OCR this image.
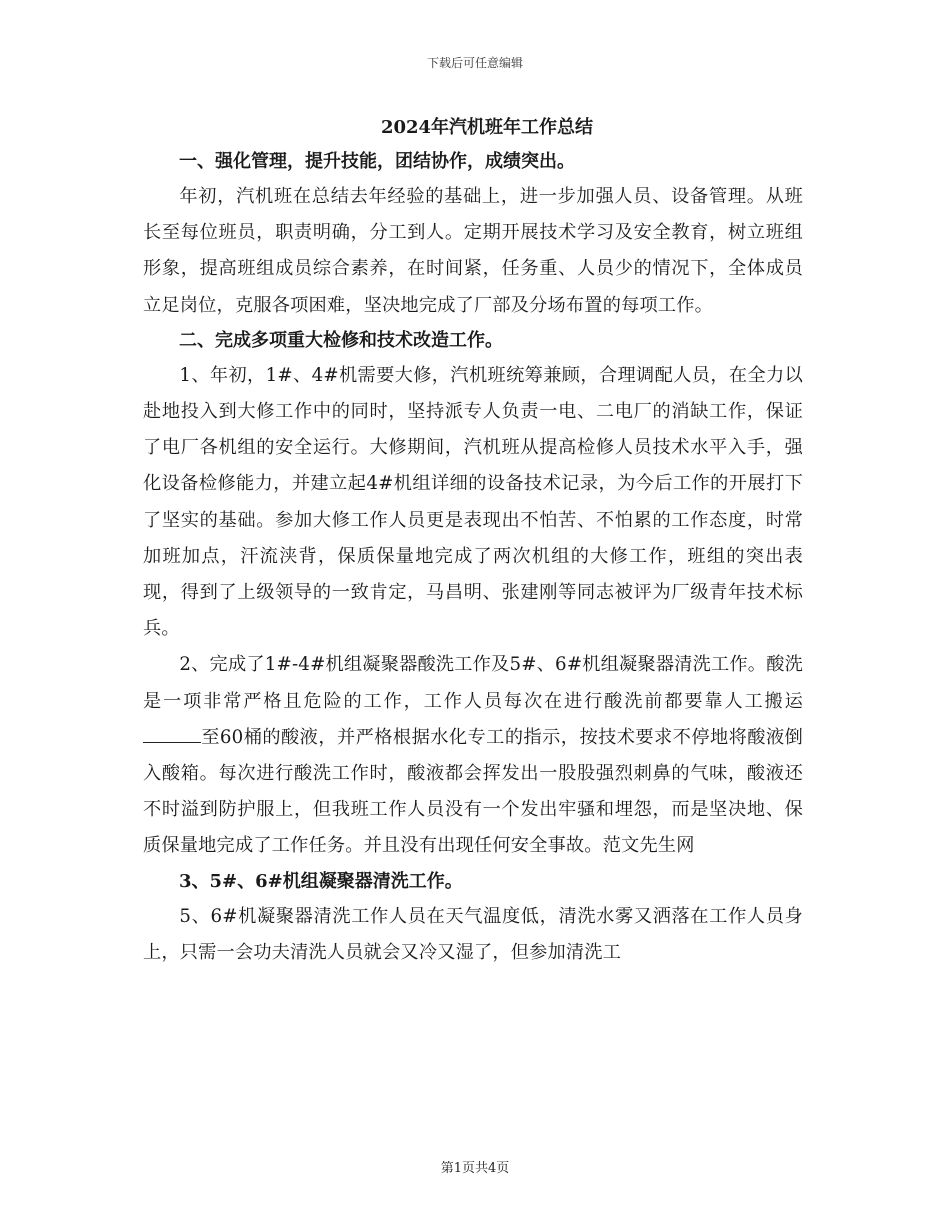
下载后可任意编辑
2024年汽机班年工作总结

一、强化管理，提升技能，团结协作，成绩突出。

年初，汽机班在总结去年经验的基础上，进一步加强人员、设备管理。从班长至每位班员，职责明确，分工到人。定期开展技术学习及安全教育，树立班组形象，提高班组成员综合素养，在时间紧，任务重、人员少的情况下，全体成员立足岗位，克服各项困难，坚决地完成了厂部及分场布置的每项工作。

二、完成多项重大检修和技术改造工作。

1、年初，1#、4#机需要大修，汽机班统筹兼顾，合理调配人员，在全力以赴地投入到大修工作中的同时，坚持派专人负责一电、二电厂的消缺工作，保证了电厂各机组的安全运行。大修期间，汽机班从提高检修人员技术水平入手，强化设备检修能力，并建立起4#机组详细的设备技术记录，为今后工作的开展打下了坚实的基础。参加大修工作人员更是表现出不怕苦、不怕累的工作态度，时常加班加点，汗流浃背，保质保量地完成了两次机组的大修工作，班组的突出表现，得到了上级领导的一致肯定，马昌明、张建刚等同志被评为厂级青年技术标兵。

2、完成了1#-4#机组凝聚器酸洗工作及5#、6#机组凝聚器清洗工作。酸洗是一项非常严格且危险的工作，工作人员每次在进行酸洗前都要靠人工搬运至60桶的酸液，并严格根据水化专工的指示，按技术要求不停地将酸液倒入酸箱。每次进行酸洗工作时，酸液都会挥发出一股股强烈刺鼻的气味，酸液还不时溢到防护服上，但我班工作人员没有一个发出牢骚和埋怨，而是坚决地、保质保量地完成了工作任务。并且没有出现任何安全事故。范文先生网

3、5#、6#机组凝聚器清洗工作。

5、6#机凝聚器清洗工作人员在天气温度低，清洗水雾又洒落在工作人员身上，只需一会功夫清洗人员就会又冷又湿了，但参加清洗工

第1页共4页
